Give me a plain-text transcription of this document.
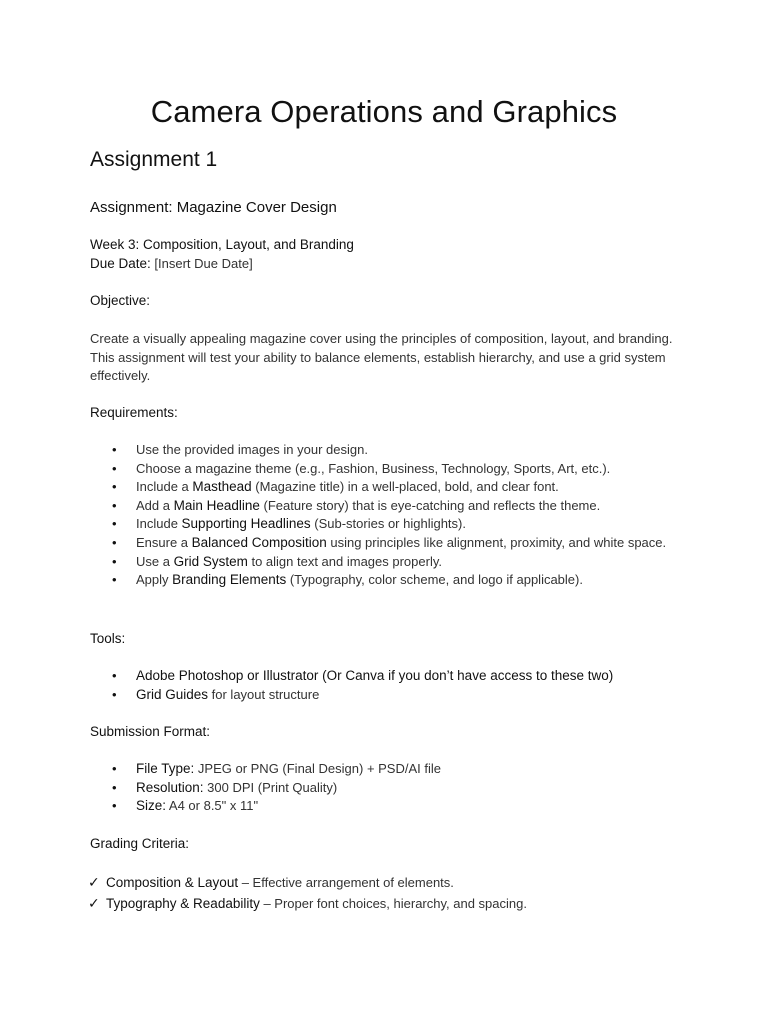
Camera Operations and Graphics
Assignment 1
Assignment: Magazine Cover Design
Week 3: Composition, Layout, and Branding
Due Date: [Insert Due Date]
Objective:

Create a visually appealing magazine cover using the principles of composition, layout, and branding. This assignment will test your ability to balance elements, establish hierarchy, and use a grid system effectively.

Requirements:
• Use the provided images in your design.
• Choose a magazine theme (e.g., Fashion, Business, Technology, Sports, Art, etc.).
• Include a Masthead (Magazine title) in a well-placed, bold, and clear font.
• Add a Main Headline (Feature story) that is eye-catching and reflects the theme.
• Include Supporting Headlines (Sub-stories or highlights).
• Ensure a Balanced Composition using principles like alignment, proximity, and white space.
• Use a Grid System to align text and images properly.
• Apply Branding Elements (Typography, color scheme, and logo if applicable).
Tools:
• Adobe Photoshop or Illustrator (Or Canva if you don’t have access to these two)
• Grid Guides for layout structure
Submission Format:
• File Type: JPEG or PNG (Final Design) + PSD/AI file
• Resolution: 300 DPI (Print Quality)
• Size: A4 or 8.5" x 11"
Grading Criteria:
✓ Composition & Layout – Effective arrangement of elements.
✓ Typography & Readability – Proper font choices, hierarchy, and spacing.
